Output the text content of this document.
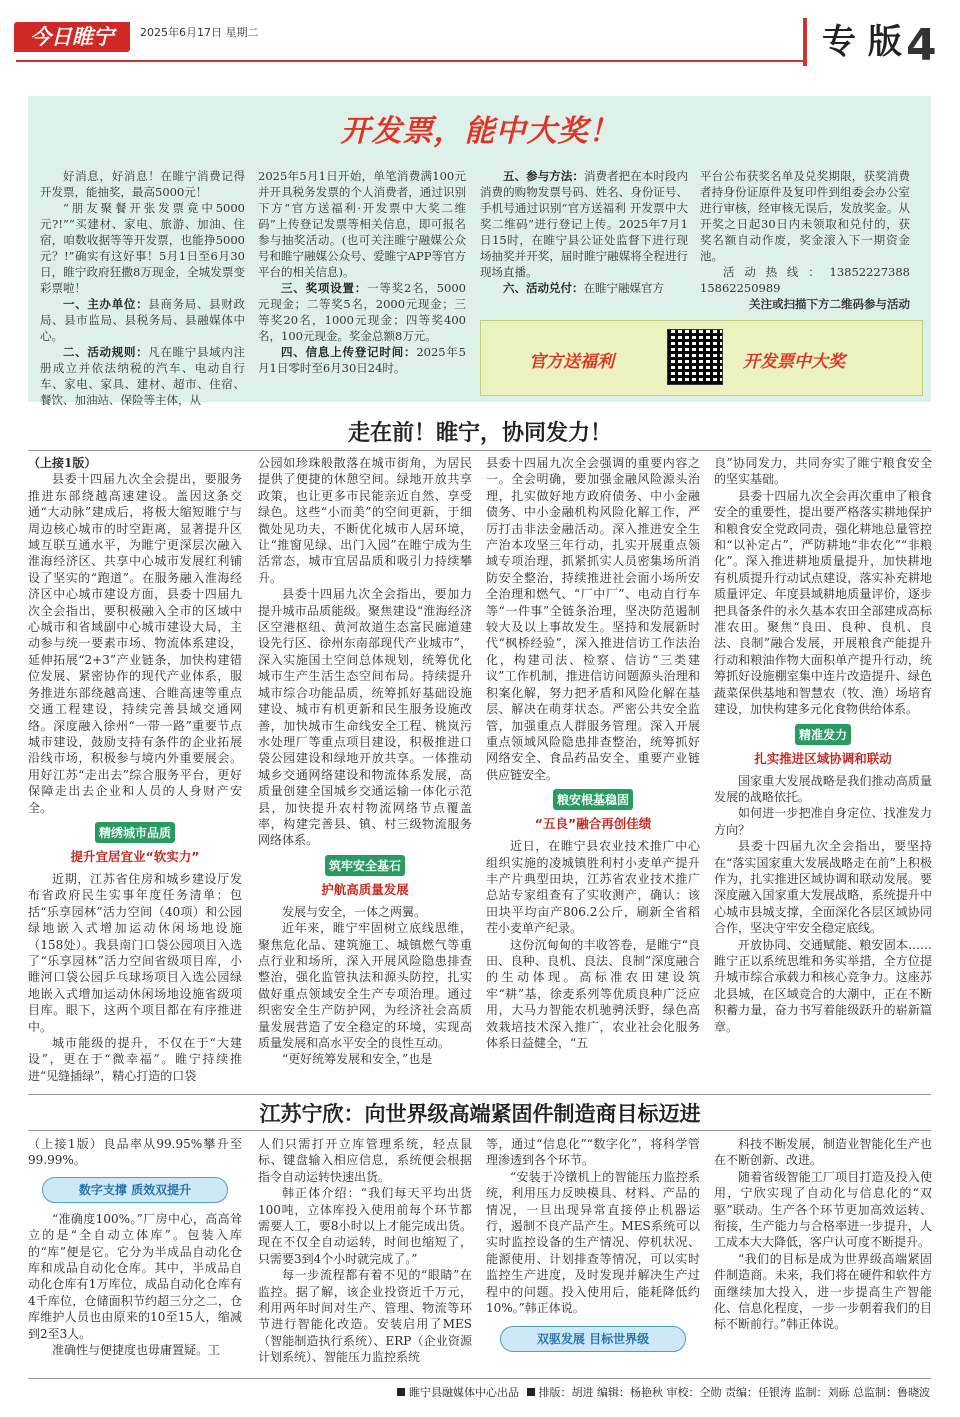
今日睢宁	2025年6月17日 星期二	专 版 4
开发票，能中大奖！
好消息，好消息！在睢宁消费记得开发票，能抽奖，最高5000元！
“朋友聚餐开张发票竟中5000元?!”“买建材、家电、旅游、加油、住宿，咱数收据等等开发票，也能挣5000元？!”确实有这好事！5月1日至6月30日，睢宁政府狂撒8万现金，全城发票变彩票啦！
一、主办单位：县商务局、县财政局、县市监局、县税务局、县融媒体中心。
二、活动规则：凡在睢宁县域内注册成立并依法纳税的汽车、电动自行车、家电、家具、建材、超市、住宿、餐饮、加油站、保险等主体，从
2025年5月1日开始，单笔消费满100元并开具税务发票的个人消费者，通过识别下方“官方送福利·开发票中大奖二维码”上传登记发票等相关信息，即可报名参与抽奖活动。(也可关注睢宁融媒公众号和睢宁融媒公众号、爱睢宁APP等官方平台的相关信息)。
三、奖项设置：一等奖2名，5000元现金；二等奖5名，2000元现金；三等奖20名，1000元现金；四等奖400名，100元现金。奖金总额8万元。
四、信息上传登记时间：2025年5月1日零时至6月30日24时。
五、参与方法：消费者把在本时段内消费的购物发票号码、姓名、身份证号、手机号通过识别“官方送福利 开发票中大奖二维码”进行登记上传。2025年7月1日15时，在睢宁县公证处监督下进行现场抽奖并开奖，届时睢宁融媒将全程进行现场直播。
六、活动兑付：在睢宁融媒官方
平台公布获奖名单及兑奖期限，获奖消费者持身份证原件及复印件到组委会办公室进行审核，经审核无误后，发放奖金。从开奖之日起30日内未领取和兑付的，获奖名额自动作废，奖金滚入下一期资金池。
活 动 热 线 ： 13852227388 15862250989
关注或扫描下方二维码参与活动
官方送福利	开发票中大奖
走在前！睢宁，协同发力！
（上接1版）
县委十四届九次全会提出，要服务推进东部绕越高速建设。盖因这条交通“大动脉”建成后，将极大缩短睢宁与周边核心城市的时空距离，显著提升区域互联互通水平，为睢宁更深层次融入淮海经济区、共享中心城市发展红利铺设了坚实的“跑道”。在服务融入淮海经济区中心城市建设方面，县委十四届九次全会指出，要积极融入全市的区域中心城市和省域副中心城市建设大局，主动参与统一要素市场、物流体系建设，延伸拓展“2+3”产业链条，加快构建错位发展、紧密协作的现代产业体系，服务推进东部绕越高速、合睢高速等重点交通工程建设，持续完善县域交通网络。深度融入徐州“一带一路”重要节点城市建设，鼓励支持有条件的企业拓展沿线市场，积极参与境内外重要展会。用好江苏“走出去”综合服务平台，更好保障走出去企业和人员的人身财产安全。
精绣城市品质
提升宜居宜业“软实力”
近期，江苏省住房和城乡建设厅发布省政府民生实事年度任务清单：包括“乐享园林”活力空间（40项）和公园绿地嵌入式增加运动休闲场地设施（158处）。我县南门口袋公园项目入选了“乐享园林”活力空间省级项目库，小睢河口袋公园乒乓球场项目入选公园绿地嵌入式增加运动休闲场地设施省级项目库。眼下，这两个项目都在有序推进中。
城市能级的提升，不仅在于“大建设”，更在于“微幸福”。睢宁持续推进“见缝插绿”，精心打造的口袋
公园如珍珠般散落在城市街角，为居民提供了便捷的休憩空间。绿地开放共享政策，也让更多市民能亲近自然、享受绿色。这些“小而美”的空间更新，于细微处见功夫，不断优化城市人居环境，让“推窗见绿、出门入园”在睢宁成为生活常态，城市宜居品质和吸引力持续攀升。
县委十四届九次全会指出，要加力提升城市品质能级。聚焦建设“淮海经济区空港枢纽、黄河故道生态富民廊道建设先行区、徐州东南部现代产业城市”，深入实施国土空间总体规划，统筹优化城市生产生活生态空间布局。持续提升城市综合功能品质，统筹抓好基础设施建设、城市有机更新和民生服务设施改善，加快城市生命线安全工程、桃岚污水处理厂等重点项目建设，积极推进口袋公园建设和绿地开放共享。一体推动城乡交通网络建设和物流体系发展，高质量创建全国城乡交通运输一体化示范县，加快提升农村物流网络节点覆盖率，构建完善县、镇、村三级物流服务网络体系。
筑牢安全基石
护航高质量发展
发展与安全，一体之两翼。
近年来，睢宁牢固树立底线思维，聚焦危化品、建筑施工、城镇燃气等重点行业和场所，深入开展风险隐患排查整治，强化监管执法和源头防控，扎实做好重点领域安全生产专项治理。通过织密安全生产防护网，为经济社会高质量发展营造了安全稳定的环境，实现高质量发展和高水平安全的良性互动。
“更好统筹发展和安全，”也是
县委十四届九次全会强调的重要内容之一。全会明确，要加强金融风险源头治理，扎实做好地方政府债务、中小金融债务、中小金融机构风险化解工作，严厉打击非法金融活动。深入推进安全生产治本攻坚三年行动，扎实开展重点领域专项治理，抓紧抓实人员密集场所消防安全整治，持续推进社会面小场所安全治理和燃气、“厂中厂”、电动自行车等“一件事”全链条治理，坚决防范遏制较大及以上事故发生。坚持和发展新时代“枫桥经验”，深入推进信访工作法治化，构建司法、检察、信访“三类建议”工作机制，推进信访问题源头治理和积案化解，努力把矛盾和风险化解在基层、解决在萌芽状态。严密公共安全监管，加强重点人群服务管理。深入开展重点领域风险隐患排查整治，统筹抓好网络安全、食品药品安全、重要产业链供应链安全。
粮安根基稳固
“五良”融合再创佳绩
近日，在睢宁县农业技术推广中心组织实施的凌城镇胜利村小麦单产提升丰产片典型田块，江苏省农业技术推广总站专家组查有了实收测产，确认：该田块平均亩产806.2公斤，刷新全省稻茬小麦单产纪录。
这份沉甸甸的丰收答卷，是睢宁“良田、良种、良机、良法、良制”深度融合的生动体现。高标准农田建设筑牢“耕”基，徐麦系列等优质良种广泛应用，大马力智能农机驰骋沃野，绿色高效栽培技术深入推广，农业社会化服务体系日益健全，“五
良”协同发力，共同夯实了睢宁粮食安全的坚实基础。
县委十四届九次全会再次重申了粮食安全的重要性，提出要严格落实耕地保护和粮食安全党政同责，强化耕地总量管控和“以补定占”，严防耕地“非农化”“非粮化”。深入推进耕地质量提升，加快耕地有机质提升行动试点建设，落实补充耕地质量评定、年度县域耕地质量评价，逐步把具备条件的永久基本农田全部建成高标准农田。聚焦“良田、良种、良机、良法、良制”融合发展，开展粮食产能提升行动和粮油作物大面积单产提升行动，统筹抓好设施棚室集中连片改造提升、绿色蔬菜保供基地和智慧农（牧、渔）场培育建设，加快构建多元化食物供给体系。
精准发力
扎实推进区域协调和联动
国家重大发展战略是我们推动高质量发展的战略依托。
如何进一步把准自身定位、找准发力方向？
县委十四届九次全会指出，要坚持在“落实国家重大发展战略走在前”上积极作为，扎实推进区域协调和联动发展。要深度融入国家重大发展战略，系统提升中心城市县城支撑，全面深化各层区域协同合作，坚决守牢安全稳定底线。
开放协同、交通赋能、粮安固本……睢宁正以系统思维和务实举措，全方位提升城市综合承载力和核心竞争力。这座苏北县城，在区域竞合的大潮中，正在不断积蓄力量，奋力书写着能级跃升的崭新篇章。
江苏宁欣：向世界级高端紧固件制造商目标迈进
（上接1版）良品率从99.95%攀升至99.99%。
数字支撑 质效双提升
“准确度100%。”厂房中心，高高耸立的是“全自动立体库”。包装入库的“库”便是它。它分为半成品自动化仓库和成品自动化仓库。其中，半成品自动化仓库有1万库位，成品自动化仓库有4千库位，仓储面积节约超三分之二，仓库维护人员也由原来的10至15人，缩减到2至3人。
准确性与便捷度也毋庸置疑。工
人们只需打开立库管理系统，轻点鼠标、键盘输入相应信息，系统便会根据指令自动运转快速出货。
韩正体介绍：“我们每天平均出货100吨，立体库投入使用前每个环节都需要人工，要8小时以上才能完成出货。现在不仅全自动运转，时间也缩短了，只需要3到4个小时就完成了。”
每一步流程都有着不见的“眼睛”在监控。据了解，该企业投资近千万元，利用两年时间对生产、管理、物流等环节进行智能化改造。安装启用了MES（智能制造执行系统）、ERP（企业资源计划系统）、智能压力监控系统
等，通过“信息化”“数字化”，将科学管理渗透到各个环节。
“安装于冷镦机上的智能压力监控系统，利用压力反映模具、材料、产品的情况，一旦出现异常直接停止机器运行，遏制不良产品产生。MES系统可以实时监控设备的生产情况、停机状况、能源使用、计划排查等情况，可以实时监控生产进度，及时发现并解决生产过程中的问题。投入使用后，能耗降低约10%。”韩正体说。
双驱发展 目标世界级
科技不断发展，制造业智能化生产也在不断创新、改进。
随着省级智能工厂项目打造及投入使用，宁欣实现了自动化与信息化的“双驱”联动。生产各个环节更加高效运转、衔接，生产能力与合格率进一步提升，人工成本大大降低，客户认可度不断提升。
“我们的目标是成为世界级高端紧固件制造商。未来，我们将在硬件和软件方面继续加大投入，进一步提高生产智能化、信息化程度，一步一步朝着我们的目标不断前行。”韩正体说。
睢宁县融媒体中心出品 排版：胡进 编辑：杨艳秋 审校：仝勋 责编：任银涛 监制：刘砾 总监制：鲁晓波
